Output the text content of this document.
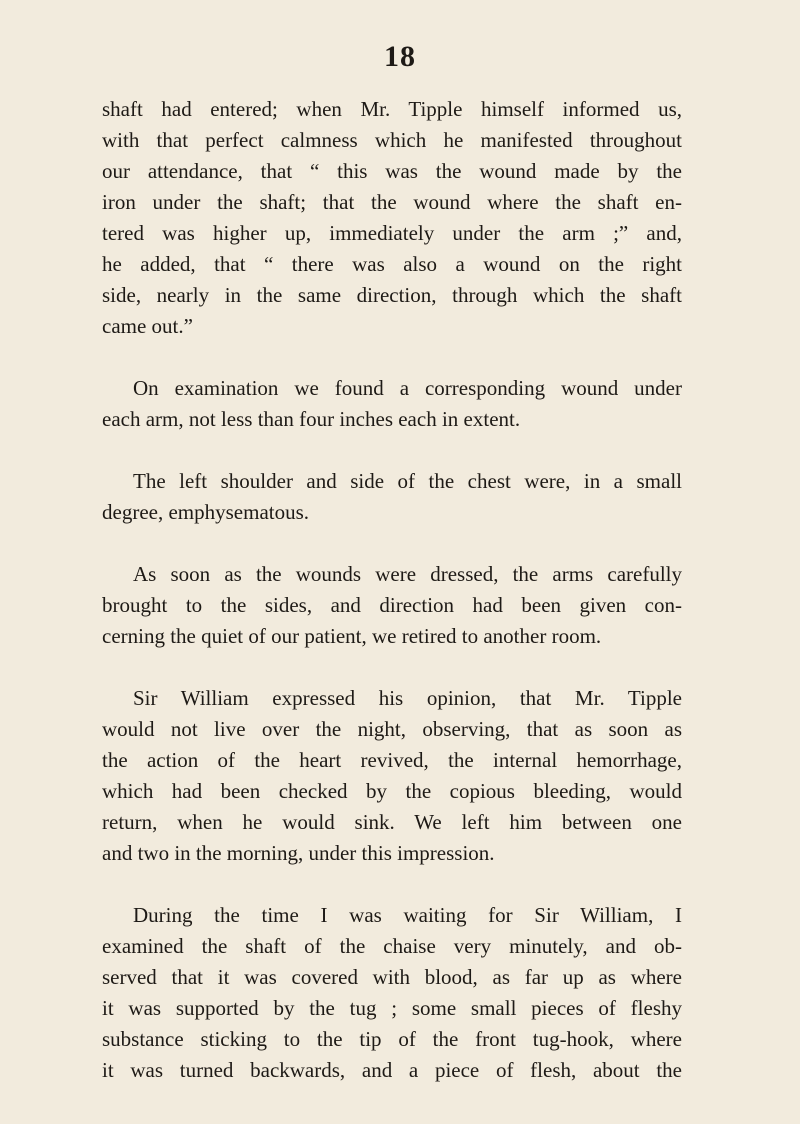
18
shaft had entered; when Mr. Tipple himself informed us,
with that perfect calmness which he manifested throughout
our attendance, that “ this was the wound made by the
iron under the shaft; that the wound where the shaft en-
tered was higher up, immediately under the arm ;” and,
he added, that “ there was also a wound on the right
side, nearly in the same direction, through which the shaft
came out.”
On examination we found a corresponding wound under
each arm, not less than four inches each in extent.
The left shoulder and side of the chest were, in a small
degree, emphysematous.
As soon as the wounds were dressed, the arms carefully
brought to the sides, and direction had been given con-
cerning the quiet of our patient, we retired to another room.
Sir William expressed his opinion, that Mr. Tipple
would not live over the night, observing, that as soon as
the action of the heart revived, the internal hemorrhage,
which had been checked by the copious bleeding, would
return, when he would sink. We left him between one
and two in the morning, under this impression.
During the time I was waiting for Sir William, I
examined the shaft of the chaise very minutely, and ob-
served that it was covered with blood, as far up as where
it was supported by the tug ; some small pieces of fleshy
substance sticking to the tip of the front tug-hook, where
it was turned backwards, and a piece of flesh, about the
